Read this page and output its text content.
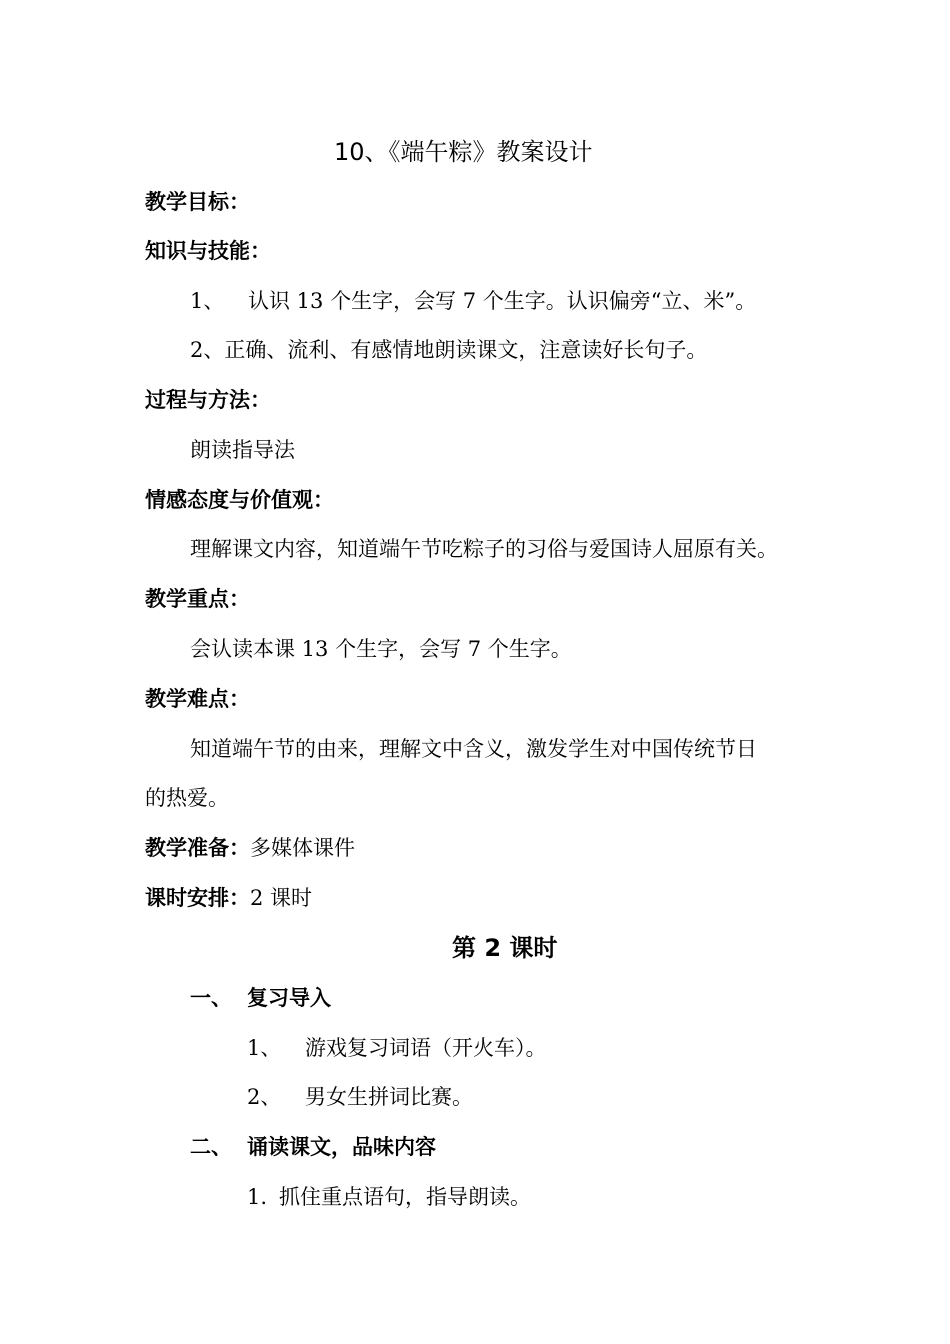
10、《端午粽》教案设计
教学目标：
知识与技能：
1、 认识 13 个生字，会写 7 个生字。认识偏旁“立、米”。
2、正确、流利、有感情地朗读课文，注意读好长句子。
过程与方法：
朗读指导法
情感态度与价值观：
理解课文内容，知道端午节吃粽子的习俗与爱国诗人屈原有关。
教学重点：
会认读本课 13 个生字，会写 7 个生字。
教学难点：
知道端午节的由来，理解文中含义，激发学生对中国传统节日
的热爱。
教学准备：多媒体课件
课时安排：2 课时
第 2 课时
一、 复习导入
1、 游戏复习词语（开火车）。
2、 男女生拼词比赛。
二、 诵读课文，品味内容
1. 抓住重点语句，指导朗读。
